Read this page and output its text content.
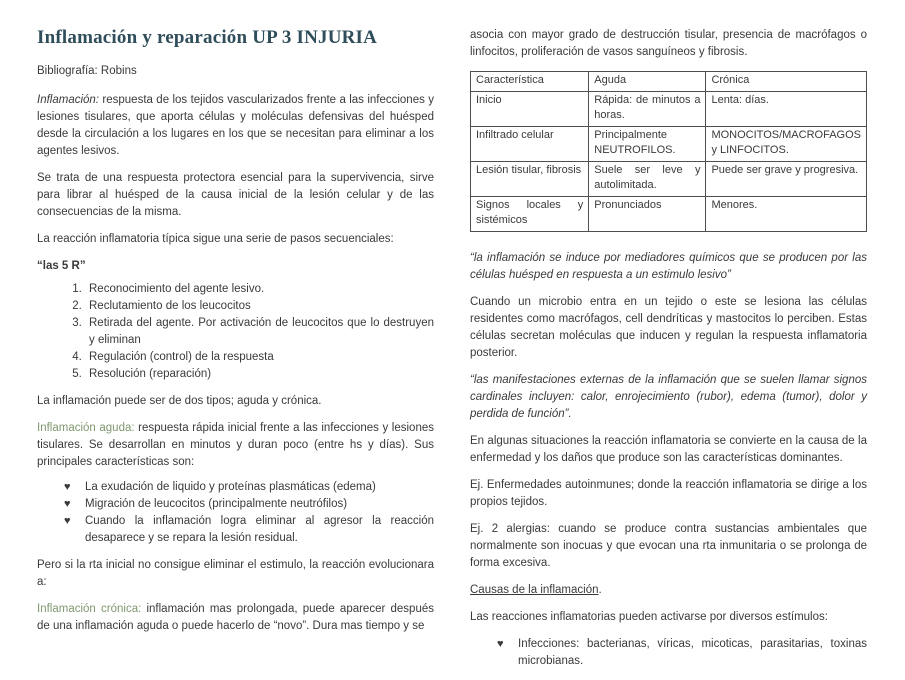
Inflamación y reparación UP 3 INJURIA

Bibliografía: Robins

Inflamación: respuesta de los tejidos vascularizados frente a las infecciones y lesiones tisulares, que aporta células y moléculas defensivas del huésped desde la circulación a los lugares en los que se necesitan para eliminar a los agentes lesivos.

Se trata de una respuesta protectora esencial para la supervivencia, sirve para librar al huésped de la causa inicial de la lesión celular y de las consecuencias de la misma.

La reacción inflamatoria típica sigue una serie de pasos secuenciales:

“las 5 R”

1. Reconocimiento del agente lesivo.
2. Reclutamiento de los leucocitos
3. Retirada del agente. Por activación de leucocitos que lo destruyen y eliminan
4. Regulación (control) de la respuesta
5. Resolución (reparación)

La inflamación puede ser de dos tipos; aguda y crónica.

Inflamación aguda: respuesta rápida inicial frente a las infecciones y lesiones tisulares. Se desarrollan en minutos y duran poco (entre hs y días). Sus principales características son:

♥ La exudación de liquido y proteínas plasmáticas (edema)
♥ Migración de leucocitos (principalmente neutrófilos)
♥ Cuando la inflamación logra eliminar al agresor la reacción desaparece y se repara la lesión residual.

Pero si la rta inicial no consigue eliminar el estimulo, la reacción evolucionara a:

Inflamación crónica: inflamación mas prolongada, puede aparecer después de una inflamación aguda o puede hacerlo de “novo”. Dura mas tiempo y se

asocia con mayor grado de destrucción tisular, presencia de macrófagos o linfocitos, proliferación de vasos sanguíneos y fibrosis.

Característica	Aguda	Crónica
Inicio	Rápida: de minutos a horas.	Lenta: días.
Infiltrado celular	Principalmente NEUTROFILOS.	MONOCITOS/MACROFAGOS y LINFOCITOS.
Lesión tisular, fibrosis	Suele ser leve y autolimitada.	Puede ser grave y progresiva.
Signos locales y sistémicos	Pronunciados	Menores.

“la inflamación se induce por mediadores químicos que se producen por las células huésped en respuesta a un estimulo lesivo”

Cuando un microbio entra en un tejido o este se lesiona las células residentes como macrófagos, cell dendríticas y mastocitos lo perciben. Estas células secretan moléculas que inducen y regulan la respuesta inflamatoria posterior.

“las manifestaciones externas de la inflamación que se suelen llamar signos cardinales incluyen: calor, enrojecimiento (rubor), edema (tumor), dolor y perdida de función”.

En algunas situaciones la reacción inflamatoria se convierte en la causa de la enfermedad y los daños que produce son las características dominantes.

Ej. Enfermedades autoinmunes; donde la reacción inflamatoria se dirige a los propios tejidos.

Ej. 2 alergias: cuando se produce contra sustancias ambientales que normalmente son inocuas y que evocan una rta inmunitaria o se prolonga de forma excesiva.

Causas de la inflamación.

Las reacciones inflamatorias pueden activarse por diversos estímulos:

♥ Infecciones: bacterianas, víricas, micoticas, parasitarias, toxinas microbianas.
